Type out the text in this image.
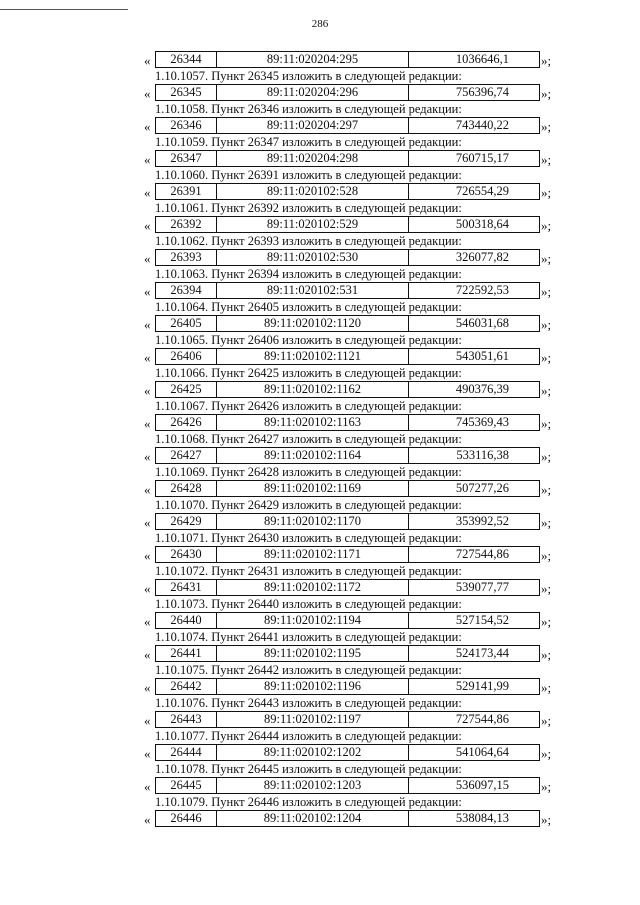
286
«	26344	89:11:020204:295	1036646,1	»;
1.10.1057. Пункт 26345 изложить в следующей редакции:
«	26345	89:11:020204:296	756396,74	»;
1.10.1058. Пункт 26346 изложить в следующей редакции:
«	26346	89:11:020204:297	743440,22	»;
1.10.1059. Пункт 26347 изложить в следующей редакции:
«	26347	89:11:020204:298	760715,17	»;
1.10.1060. Пункт 26391 изложить в следующей редакции:
«	26391	89:11:020102:528	726554,29	»;
1.10.1061. Пункт 26392 изложить в следующей редакции:
«	26392	89:11:020102:529	500318,64	»;
1.10.1062. Пункт 26393 изложить в следующей редакции:
«	26393	89:11:020102:530	326077,82	»;
1.10.1063. Пункт 26394 изложить в следующей редакции:
«	26394	89:11:020102:531	722592,53	»;
1.10.1064. Пункт 26405 изложить в следующей редакции:
«	26405	89:11:020102:1120	546031,68	»;
1.10.1065. Пункт 26406 изложить в следующей редакции:
«	26406	89:11:020102:1121	543051,61	»;
1.10.1066. Пункт 26425 изложить в следующей редакции:
«	26425	89:11:020102:1162	490376,39	»;
1.10.1067. Пункт 26426 изложить в следующей редакции:
«	26426	89:11:020102:1163	745369,43	»;
1.10.1068. Пункт 26427 изложить в следующей редакции:
«	26427	89:11:020102:1164	533116,38	»;
1.10.1069. Пункт 26428 изложить в следующей редакции:
«	26428	89:11:020102:1169	507277,26	»;
1.10.1070. Пункт 26429 изложить в следующей редакции:
«	26429	89:11:020102:1170	353992,52	»;
1.10.1071. Пункт 26430 изложить в следующей редакции:
«	26430	89:11:020102:1171	727544,86	»;
1.10.1072. Пункт 26431 изложить в следующей редакции:
«	26431	89:11:020102:1172	539077,77	»;
1.10.1073. Пункт 26440 изложить в следующей редакции:
«	26440	89:11:020102:1194	527154,52	»;
1.10.1074. Пункт 26441 изложить в следующей редакции:
«	26441	89:11:020102:1195	524173,44	»;
1.10.1075. Пункт 26442 изложить в следующей редакции:
«	26442	89:11:020102:1196	529141,99	»;
1.10.1076. Пункт 26443 изложить в следующей редакции:
«	26443	89:11:020102:1197	727544,86	»;
1.10.1077. Пункт 26444 изложить в следующей редакции:
«	26444	89:11:020102:1202	541064,64	»;
1.10.1078. Пункт 26445 изложить в следующей редакции:
«	26445	89:11:020102:1203	536097,15	»;
1.10.1079. Пункт 26446 изложить в следующей редакции:
«	26446	89:11:020102:1204	538084,13	»;
